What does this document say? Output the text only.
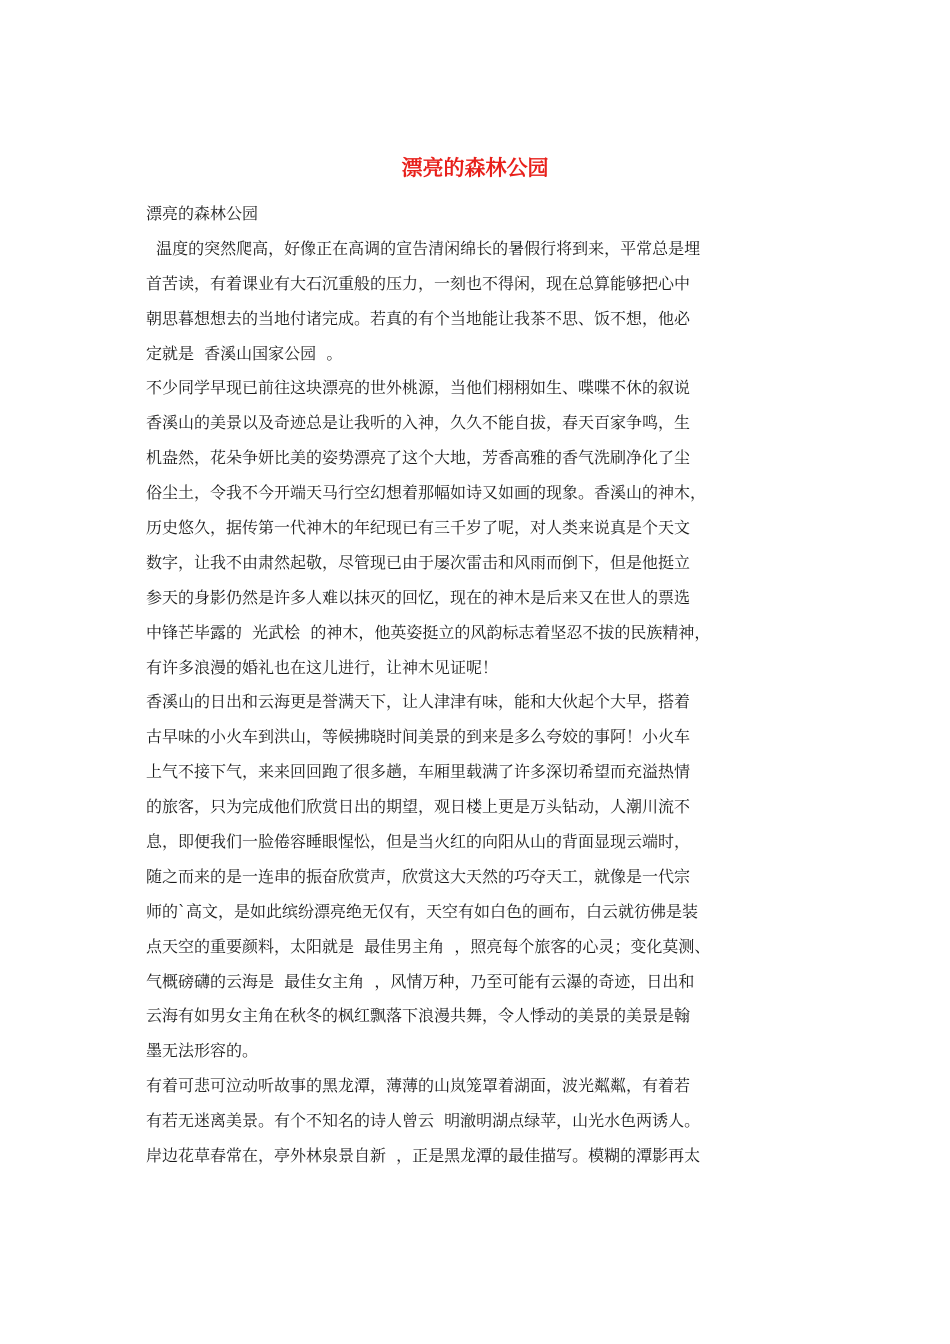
漂亮的森林公园
漂亮的森林公园
温度的突然爬高，好像正在高调的宣告清闲绵长的暑假行将到来，平常总是埋
首苦读，有着课业有大石沉重般的压力，一刻也不得闲，现在总算能够把心中
朝思暮想想去的当地付诸完成。若真的有个当地能让我茶不思、饭不想，他必
定就是  香溪山国家公园  。
不少同学早现已前往这块漂亮的世外桃源，当他们栩栩如生、喋喋不休的叙说
香溪山的美景以及奇迹总是让我听的入神，久久不能自拔，春天百家争鸣，生
机盎然，花朵争妍比美的姿势漂亮了这个大地，芳香高雅的香气洗刷净化了尘
俗尘土，令我不今开端天马行空幻想着那幅如诗又如画的现象。香溪山的神木，
历史悠久，据传第一代神木的年纪现已有三千岁了呢，对人类来说真是个天文
数字，让我不由肃然起敬，尽管现已由于屡次雷击和风雨而倒下，但是他挺立
参天的身影仍然是许多人难以抹灭的回忆，现在的神木是后来又在世人的票选
中锋芒毕露的  光武桧  的神木，他英姿挺立的风韵标志着坚忍不拔的民族精神，
有许多浪漫的婚礼也在这儿进行，让神木见证呢！
香溪山的日出和云海更是誉满天下，让人津津有味，能和大伙起个大早，搭着
古早味的小火车到洪山，等候拂晓时间美景的到来是多么夸姣的事阿！小火车
上气不接下气，来来回回跑了很多趟，车厢里载满了许多深切希望而充溢热情
的旅客，只为完成他们欣赏日出的期望，观日楼上更是万头钻动，人潮川流不
息，即便我们一脸倦容睡眼惺忪，但是当火红的向阳从山的背面显现云端时，
随之而来的是一连串的振奋欣赏声，欣赏这大天然的巧夺天工，就像是一代宗
师的`高文，是如此缤纷漂亮绝无仅有，天空有如白色的画布，白云就彷佛是装
点天空的重要颜料，太阳就是  最佳男主角  ，照亮每个旅客的心灵；变化莫测、
气概磅礴的云海是  最佳女主角  ，风情万种，乃至可能有云瀑的奇迹，日出和
云海有如男女主角在秋冬的枫红飘落下浪漫共舞，令人悸动的美景的美景是翰
墨无法形容的。
有着可悲可泣动听故事的黑龙潭，薄薄的山岚笼罩着湖面，波光粼粼，有着若
有若无迷离美景。有个不知名的诗人曾云  明澈明湖点绿苹，山光水色两诱人。
岸边花草春常在，亭外林泉景自新  ，正是黑龙潭的最佳描写。模糊的潭影再太
